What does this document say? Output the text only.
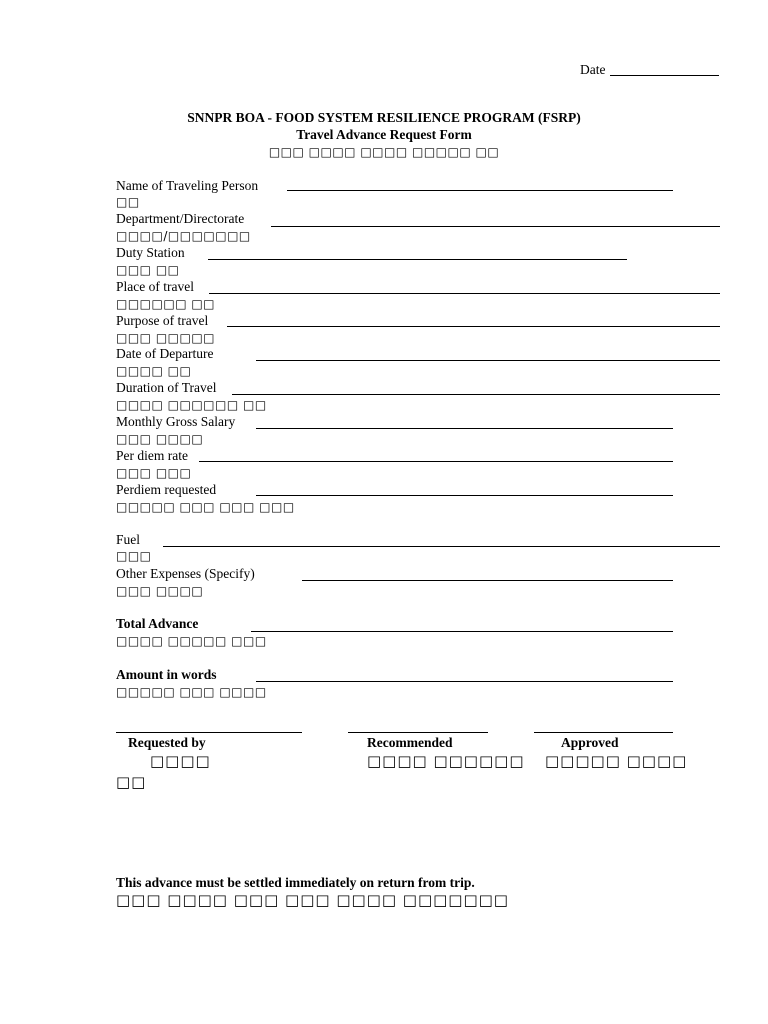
Date
SNNPR BOA - FOOD SYSTEM RESILIENCE PROGRAM (FSRP)
Travel Advance Request Form
□□□ □□□□ □□□□ □□□□□ □□
Name of Traveling Person
□□
Department/Directorate
□□□□/□□□□□□□
Duty Station
□□□ □□
Place of travel
□□□□□□ □□
Purpose of travel
□□□ □□□□□
Date of Departure
□□□□ □□
Duration of Travel
□□□□ □□□□□□ □□
Monthly Gross Salary
□□□ □□□□
Per diem rate
□□□ □□□
Perdiem requested
□□□□□ □□□ □□□ □□□
Fuel
□□□
Other Expenses (Specify)
□□□ □□□□
Total Advance
□□□□ □□□□□ □□□
Amount in words
□□□□□ □□□ □□□□
Requested by	Recommended	Approved
□□□□
□□
□□□□ □□□□□□ □□□□□ □□□□
This advance must be settled immediately on return from trip.
□□□ □□□□ □□□ □□□ □□□□ □□□□□□□
